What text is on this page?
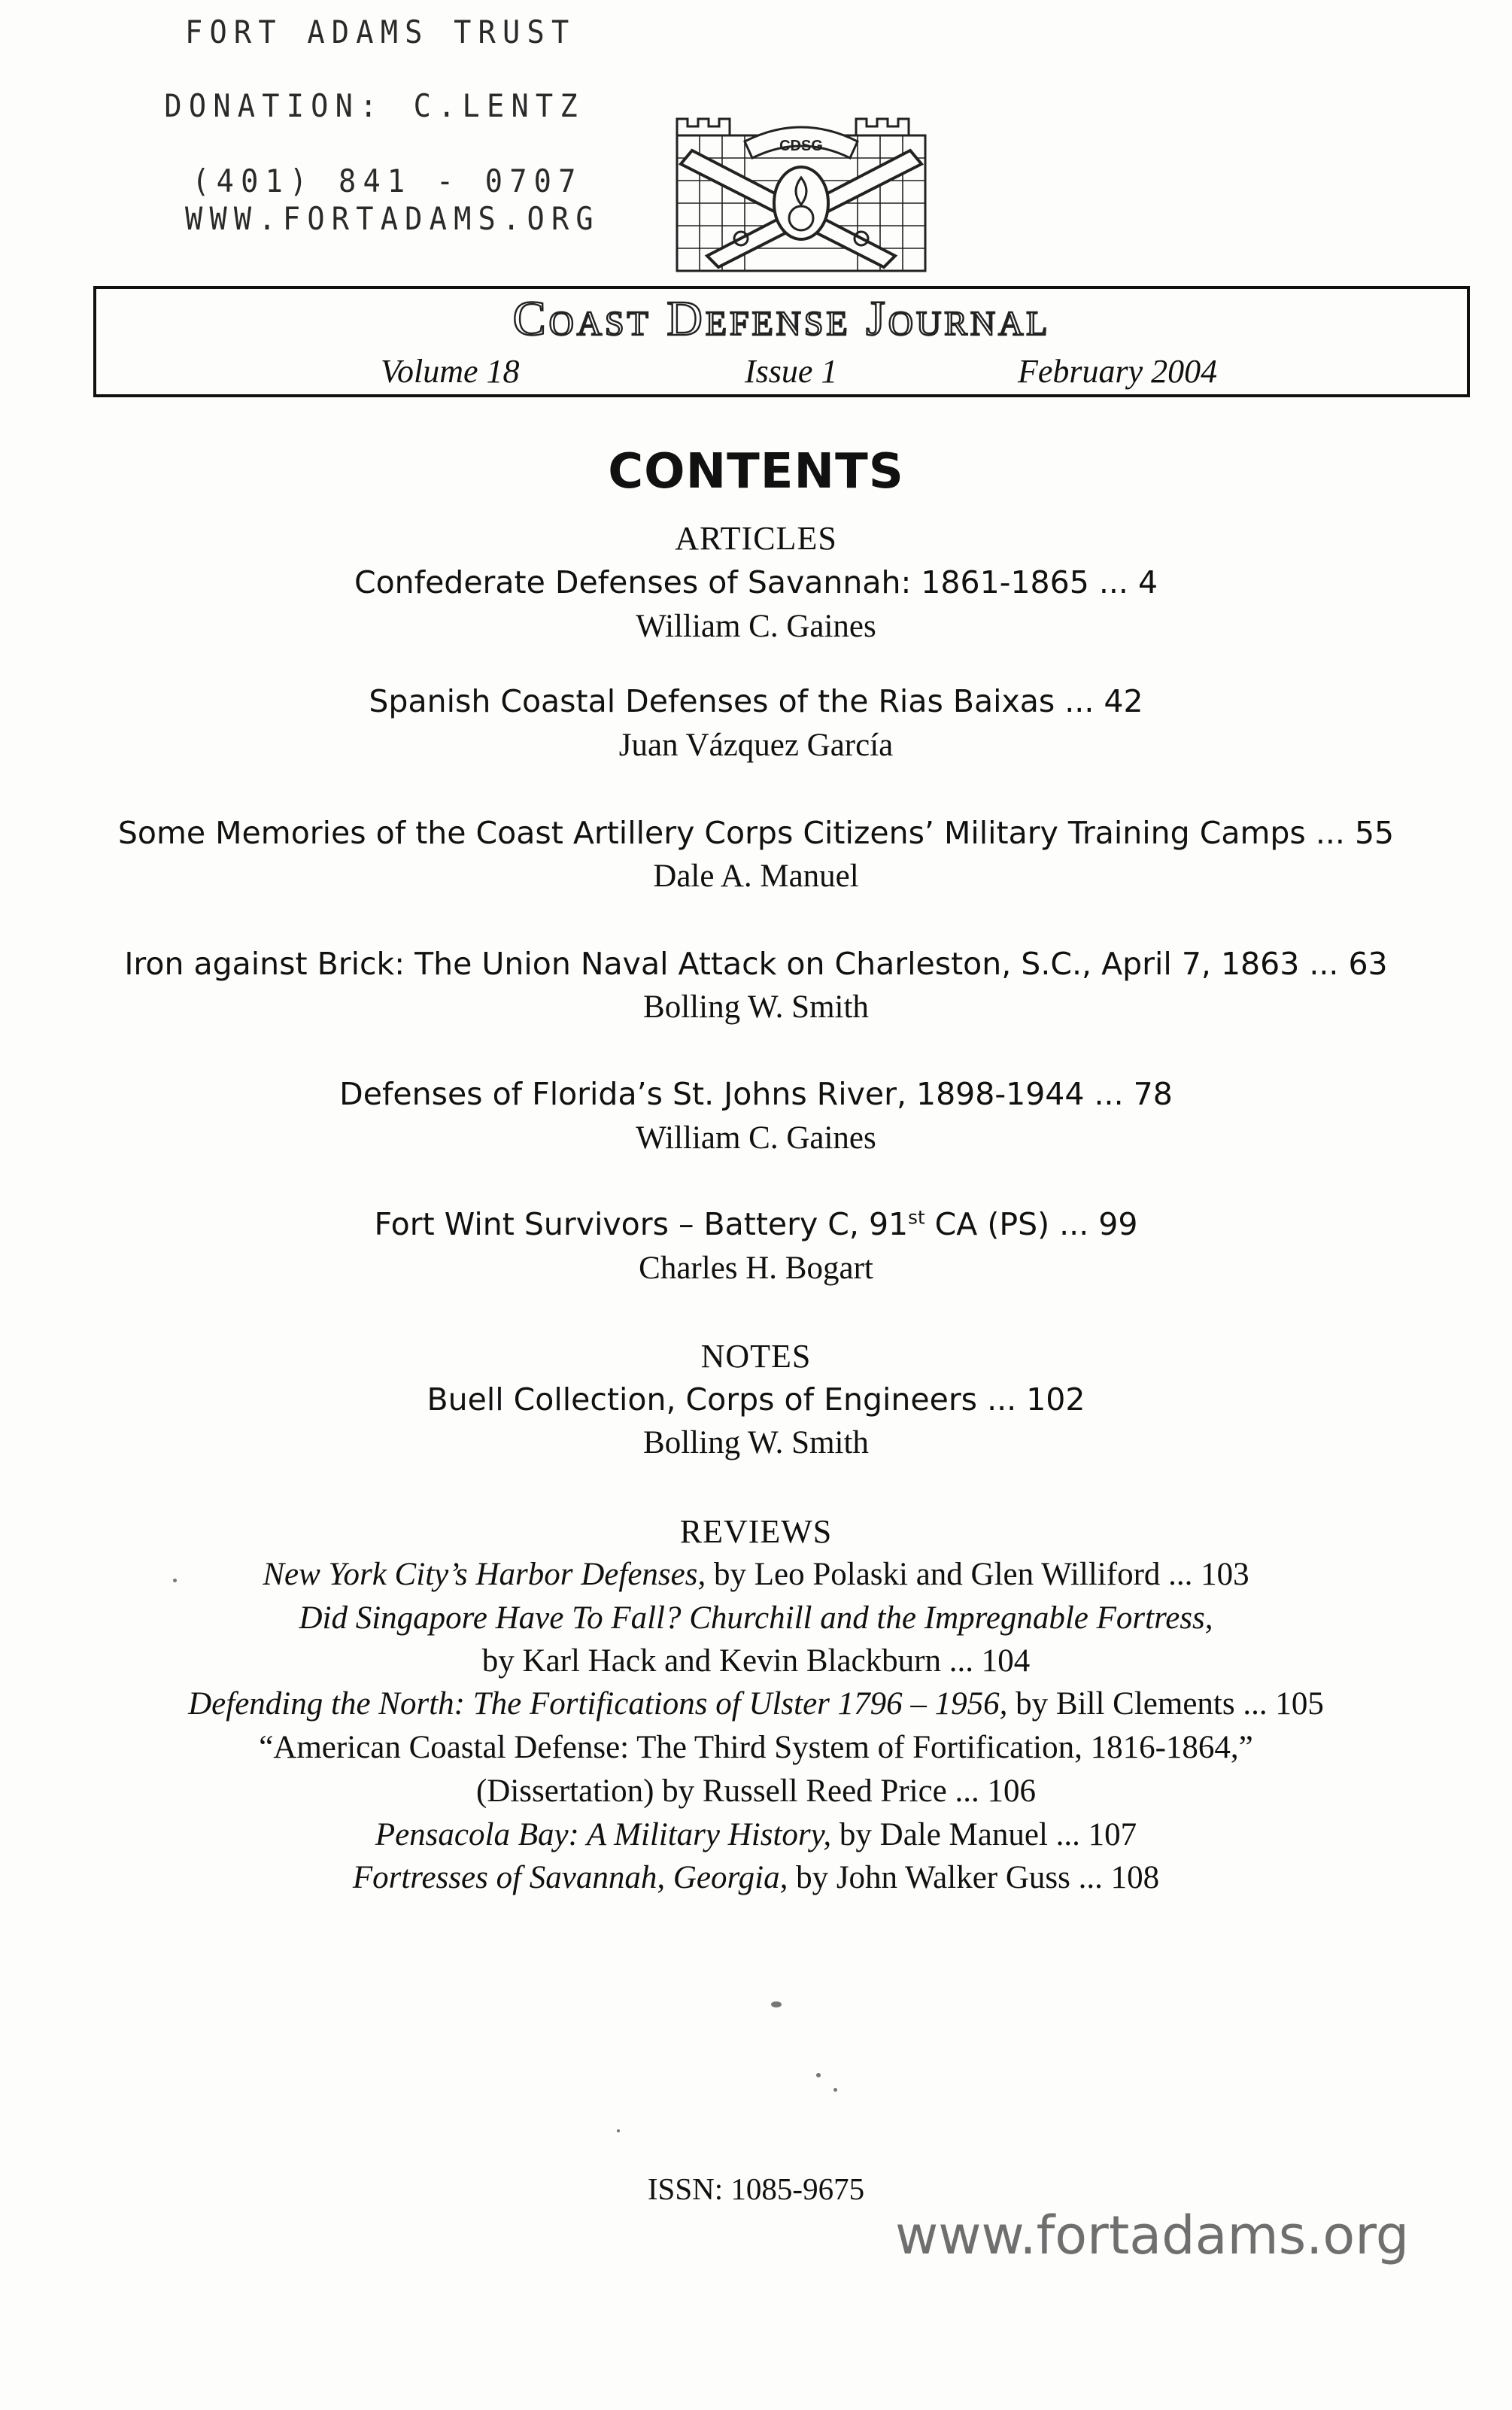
FORT ADAMS TRUST
DONATION: C.LENTZ
(401) 841 - 0707
WWW.FORTADAMS.ORG
CDSG
Coast Defense Journal
Volume 18	Issue 1	February 2004
CONTENTS
ARTICLES
Confederate Defenses of Savannah: 1861-1865 ... 4
William C. Gaines
Spanish Coastal Defenses of the Rias Baixas ... 42
Juan Vázquez García
Some Memories of the Coast Artillery Corps Citizens’ Military Training Camps ... 55
Dale A. Manuel
Iron against Brick: The Union Naval Attack on Charleston, S.C., April 7, 1863 ... 63
Bolling W. Smith
Defenses of Florida’s St. Johns River, 1898-1944 ... 78
William C. Gaines
Fort Wint Survivors – Battery C, 91st CA (PS) ... 99
Charles H. Bogart
NOTES
Buell Collection, Corps of Engineers ... 102
Bolling W. Smith
REVIEWS
New York City’s Harbor Defenses, by Leo Polaski and Glen Williford ... 103
Did Singapore Have To Fall? Churchill and the Impregnable Fortress,
by Karl Hack and Kevin Blackburn ... 104
Defending the North: The Fortifications of Ulster 1796 – 1956, by Bill Clements ... 105
“American Coastal Defense: The Third System of Fortification, 1816-1864,”
(Dissertation) by Russell Reed Price ... 106
Pensacola Bay: A Military History, by Dale Manuel ... 107
Fortresses of Savannah, Georgia, by John Walker Guss ... 108
ISSN: 1085-9675
www.fortadams.org
